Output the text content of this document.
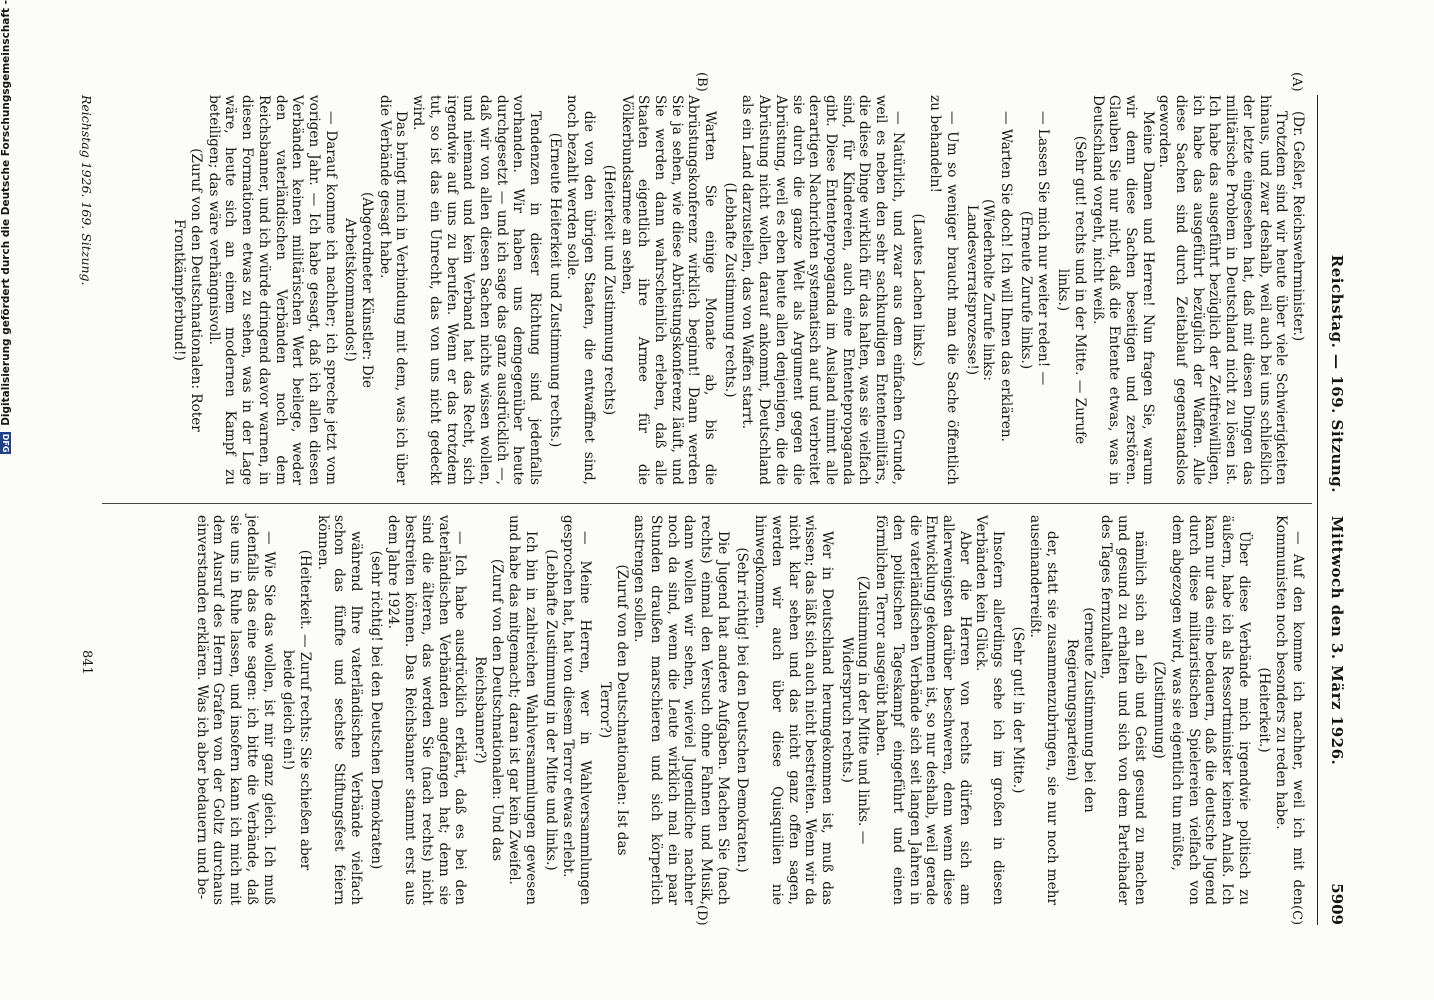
Reichstag. — 169. Sitzung.    Mittwoch den 3. März 1926.
5909
(A)
(B)
(C)
(D)

(Dr. Geßler, Reichswehrminister.)

Trotzdem sind wir heute über viele Schwierigkeiten hinaus, und zwar deshalb, weil auch bei uns schließlich der letzte eingesehen hat, daß mit diesen Dingen das militärische Problem in Deutschland nicht zu lösen ist. Ich habe das ausgeführt bezüglich der Zeitfreiwilligen, ich habe das ausgeführt bezüglich der Waffen. Alle diese Sachen sind durch Zeitablauf gegenstandslos geworden.

Meine Damen und Herren! Nun fragen Sie, warum wir denn diese Sachen beseitigen und zerstören. Glauben Sie nur nicht, daß die Entente etwas, was in Deutschland vorgeht, nicht weiß.

(Sehr gut! rechts und in der Mitte. — Zurufe links.)

— Lassen Sie mich nur weiter reden! —

(Erneute Zurufe links.)

— Warten Sie doch! Ich will Ihnen das erklären.

(Wiederholte Zurufe links: Landesverratsprozesse!)

— Um so weniger braucht man die Sache öffentlich zu behandeln!

(Lautes Lachen links.)

— Natürlich, und zwar aus dem einfachen Grunde, weil es neben den sehr sachkundigen Ententemilitärs, die diese Dinge wirklich für das halten, was sie vielfach sind, für Kindereien, auch eine Ententepropaganda gibt. Diese Ententepropaganda im Ausland nimmt alle derartigen Nachrichten systematisch auf und verbreitet sie durch die ganze Welt als Argument gegen die Abrüstung, weil es eben heute allen denjenigen, die die Abrüstung nicht wollen, darauf ankommt, Deutschland als ein Land darzustellen, das von Waffen starrt.

(Lebhafte Zustimmung rechts.)

Warten Sie einige Monate ab, bis die Abrüstungskonferenz wirklich beginnt! Dann werden Sie ja sehen, wie diese Abrüstungskonferenz läuft, und Sie werden dann wahrscheinlich erleben, daß alle Staaten eigentlich ihre Armee für die Völkerbundsarmee an sehen,

(Heiterkeit und Zustimmung rechts)

die von den übrigen Staaten, die entwaffnet sind, noch bezahlt werden solle.

(Erneute Heiterkeit und Zustimmung rechts.)

Tendenzen in dieser Richtung sind jedenfalls vorhanden. Wir haben uns demgegenüber heute durchgesetzt — und ich sage das ganz ausdrücklich —, daß wir von allen diesen Sachen nichts wissen wollen, und niemand und kein Verband hat das Recht, sich irgendwie auf uns zu berufen. Wenn er das trotzdem tut, so ist das ein Unrecht, das von uns nicht gedeckt wird.

Das bringt mich in Verbindung mit dem, was ich über die Verbände gesagt habe.

(Abgeordneter Künstler: Die Arbeitskommandos!)

— Darauf komme ich nachher; ich spreche jetzt vom vorigen Jahr. — Ich habe gesagt, daß ich allen diesen Verbänden keinen militärischen Wert beilege, weder den vaterländischen Verbänden noch dem Reichsbanner, und ich würde dringend davor warnen, in diesen Formationen etwas zu sehen, was in der Lage wäre, heute sich an einem modernen Kampf zu beteiligen; das wäre verhängnisvoll.

(Zuruf von den Deutschnationalen: Roter Frontkämpferbund!)

— Auf den komme ich nachher, weil ich mit den Kommunisten noch besonders zu reden habe.

(Heiterkeit.)

Über diese Verbände mich irgendwie politisch zu äußern, habe ich als Ressortminister keinen Anlaß. Ich kann nur das eine bedauern, daß die deutsche Jugend durch diese militaristischen Spielereien vielfach von dem abgezogen wird, was sie eigentlich tun müßte,

(Zustimmung)

nämlich sich an Leib und Geist gesund zu machen und gesund zu erhalten und sich von dem Parteihader des Tages fernzuhalten,

(erneute Zustimmung bei den Regierungsparteien)

der, statt sie zusammenzubringen, sie nur noch mehr auseinanderreißt.

(Sehr gut! in der Mitte.)

Insofern allerdings sehe ich im großen in diesen Verbänden kein Glück.

Aber die Herren von rechts dürfen sich am allerwenigsten darüber beschweren, denn wenn diese Entwicklung gekommen ist, so nur deshalb, weil gerade die vaterländischen Verbände sich seit langen Jahren in den politischen Tageskampf eingeführt und einen förmlichen Terror ausgeübt haben.

(Zustimmung in der Mitte und links. — Widerspruch rechts.)

Wer in Deutschland herumgekommen ist, muß das wissen; das läßt sich auch nicht bestreiten. Wenn wir da nicht klar sehen und das nicht ganz offen sagen, werden wir auch über diese Quisquilien nie hinwegkommen.

(Sehr richtig! bei den Deutschen Demokraten.)

Die Jugend hat andere Aufgaben. Machen Sie (nach rechts) einmal den Versuch ohne Fahnen und Musik, dann wollen wir sehen, wieviel Jugendliche nachher noch da sind, wenn die Leute wirklich mal ein paar Stunden draußen marschieren und sich körperlich anstrengen sollen.

(Zuruf von den Deutschnationalen: Ist das Terror?)

— Meine Herren, wer in Wahlversammlungen gesprochen hat, hat von diesem Terror etwas erlebt.

(Lebhafte Zustimmung in der Mitte und links.)

Ich bin in zahlreichen Wahlversammlungen gewesen und habe das mitgemacht; daran ist gar kein Zweifel.

(Zuruf von den Deutschnationalen: Und das Reichsbanner?)

— Ich habe ausdrücklich erklärt, daß es bei den vaterländischen Verbänden angefangen hat; denn sie sind die älteren, das werden Sie (nach rechts) nicht bestreiten können. Das Reichsbanner stammt erst aus dem Jahre 1924.

(sehr richtig! bei den Deutschen Demokraten)

während Ihre vaterländischen Verbände vielfach schon das fünfte und sechste Stiftungsfest feiern können.

(Heiterkeit. — Zuruf rechts: Sie schießen aber beide gleich ein!)

— Wie Sie das wollen, ist mir ganz gleich. Ich muß jedenfalls das eine sagen: ich bitte die Verbände, daß sie uns in Ruhe lassen, und insofern kann ich mich mit dem Ausruf des Herrn Grafen von der Goltz durchaus einverstanden erklären. Was ich aber bedauern und be-

Reichstag 1926. 169. Sitzung.
841
Digitalisierung gefördert durch die Deutsche Forschungsgemeinschaft -
DFG
